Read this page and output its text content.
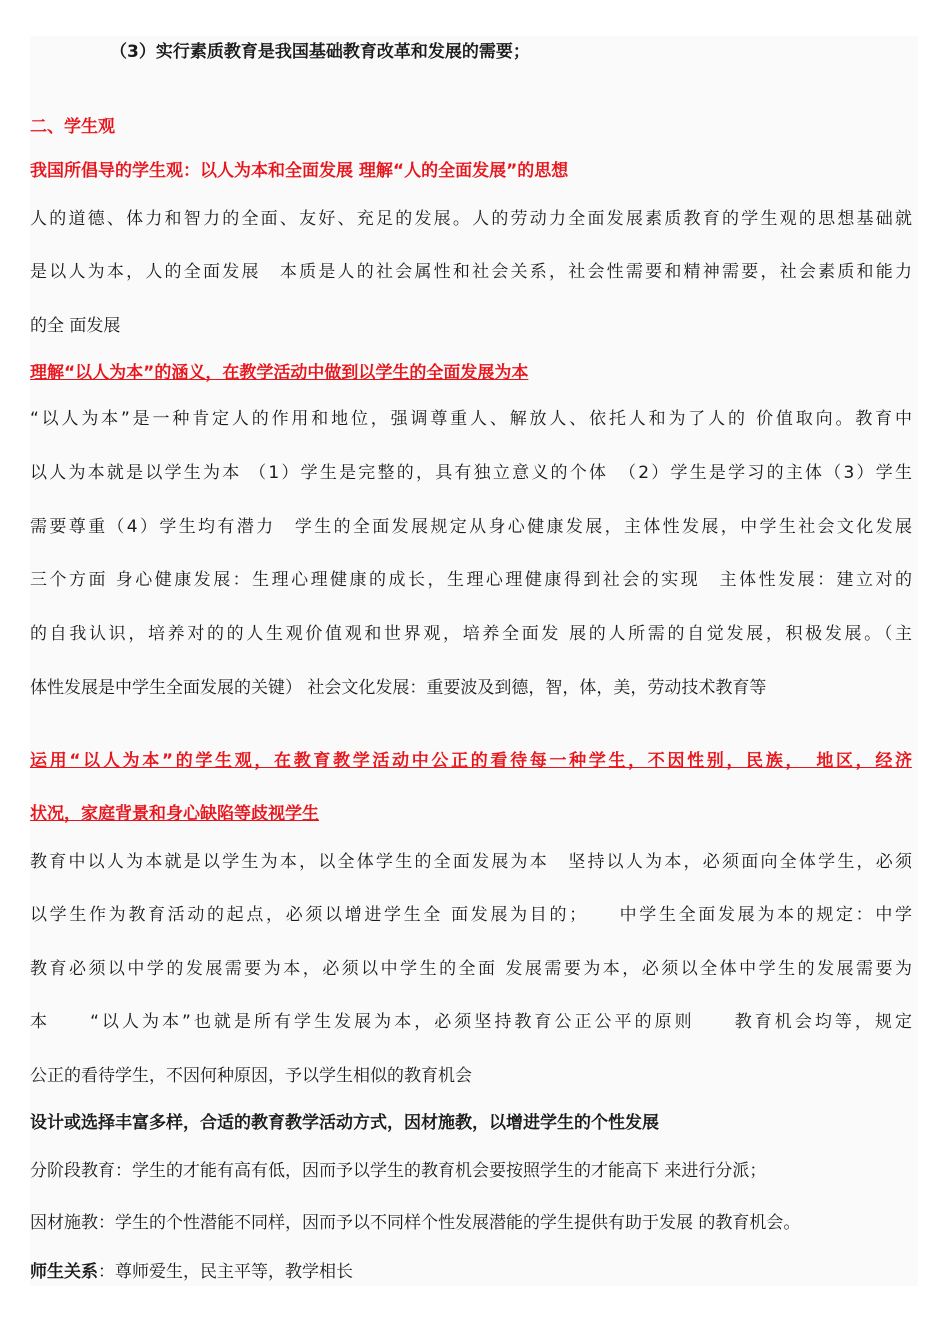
（3）实行素质教育是我国基础教育改革和发展的需要；
二、学生观
我国所倡导的学生观：以人为本和全面发展 理解“人的全面发展”的思想
人的道德、体力和智力的全面、友好、充足的发展。人的劳动力全面发展素质教育的学生观的思想基础就
是以人为本，人的全面发展　本质是人的社会属性和社会关系，社会性需要和精神需要，社会素质和能力
的全 面发展
理解“以人为本”的涵义，在教学活动中做到以学生的全面发展为本
“以人为本”是一种肯定人的作用和地位，强调尊重人、解放人、依托人和为了人的 价值取向。教育中
以人为本就是以学生为本 （1）学生是完整的，具有独立意义的个体　（2）学生是学习的主体（3）学生
需要尊重（4）学生均有潜力　学生的全面发展规定从身心健康发展，主体性发展，中学生社会文化发展
三个方面 身心健康发展：生理心理健康的成长，生理心理健康得到社会的实现　主体性发展：建立对的
的自我认识，培养对的的人生观价值观和世界观，培养全面发 展的人所需的自觉发展，积极发展。（主
体性发展是中学生全面发展的关键） 社会文化发展：重要波及到德，智，体，美，劳动技术教育等
运用“以人为本”的学生观，在教育教学活动中公正的看待每一种学生，不因性别，民族，　地区，经济
状况，家庭背景和身心缺陷等歧视学生
教育中以人为本就是以学生为本，以全体学生的全面发展为本　坚持以人为本，必须面向全体学生，必须
以学生作为教育活动的起点，必须以增进学生全 面发展为目的；　　中学生全面发展为本的规定：中学
教育必须以中学的发展需要为本，必须以中学生的全面 发展需要为本，必须以全体中学生的发展需要为
本　　“以人为本”也就是所有学生发展为本，必须坚持教育公正公平的原则　　教育机会均等，规定
公正的看待学生，不因何种原因，予以学生相似的教育机会
设计或选择丰富多样，合适的教育教学活动方式，因材施教，以增进学生的个性发展
分阶段教育：学生的才能有高有低，因而予以学生的教育机会要按照学生的才能高下 来进行分派；
因材施教：学生的个性潜能不同样，因而予以不同样个性发展潜能的学生提供有助于发展 的教育机会。
师生关系：尊师爱生，民主平等，教学相长
